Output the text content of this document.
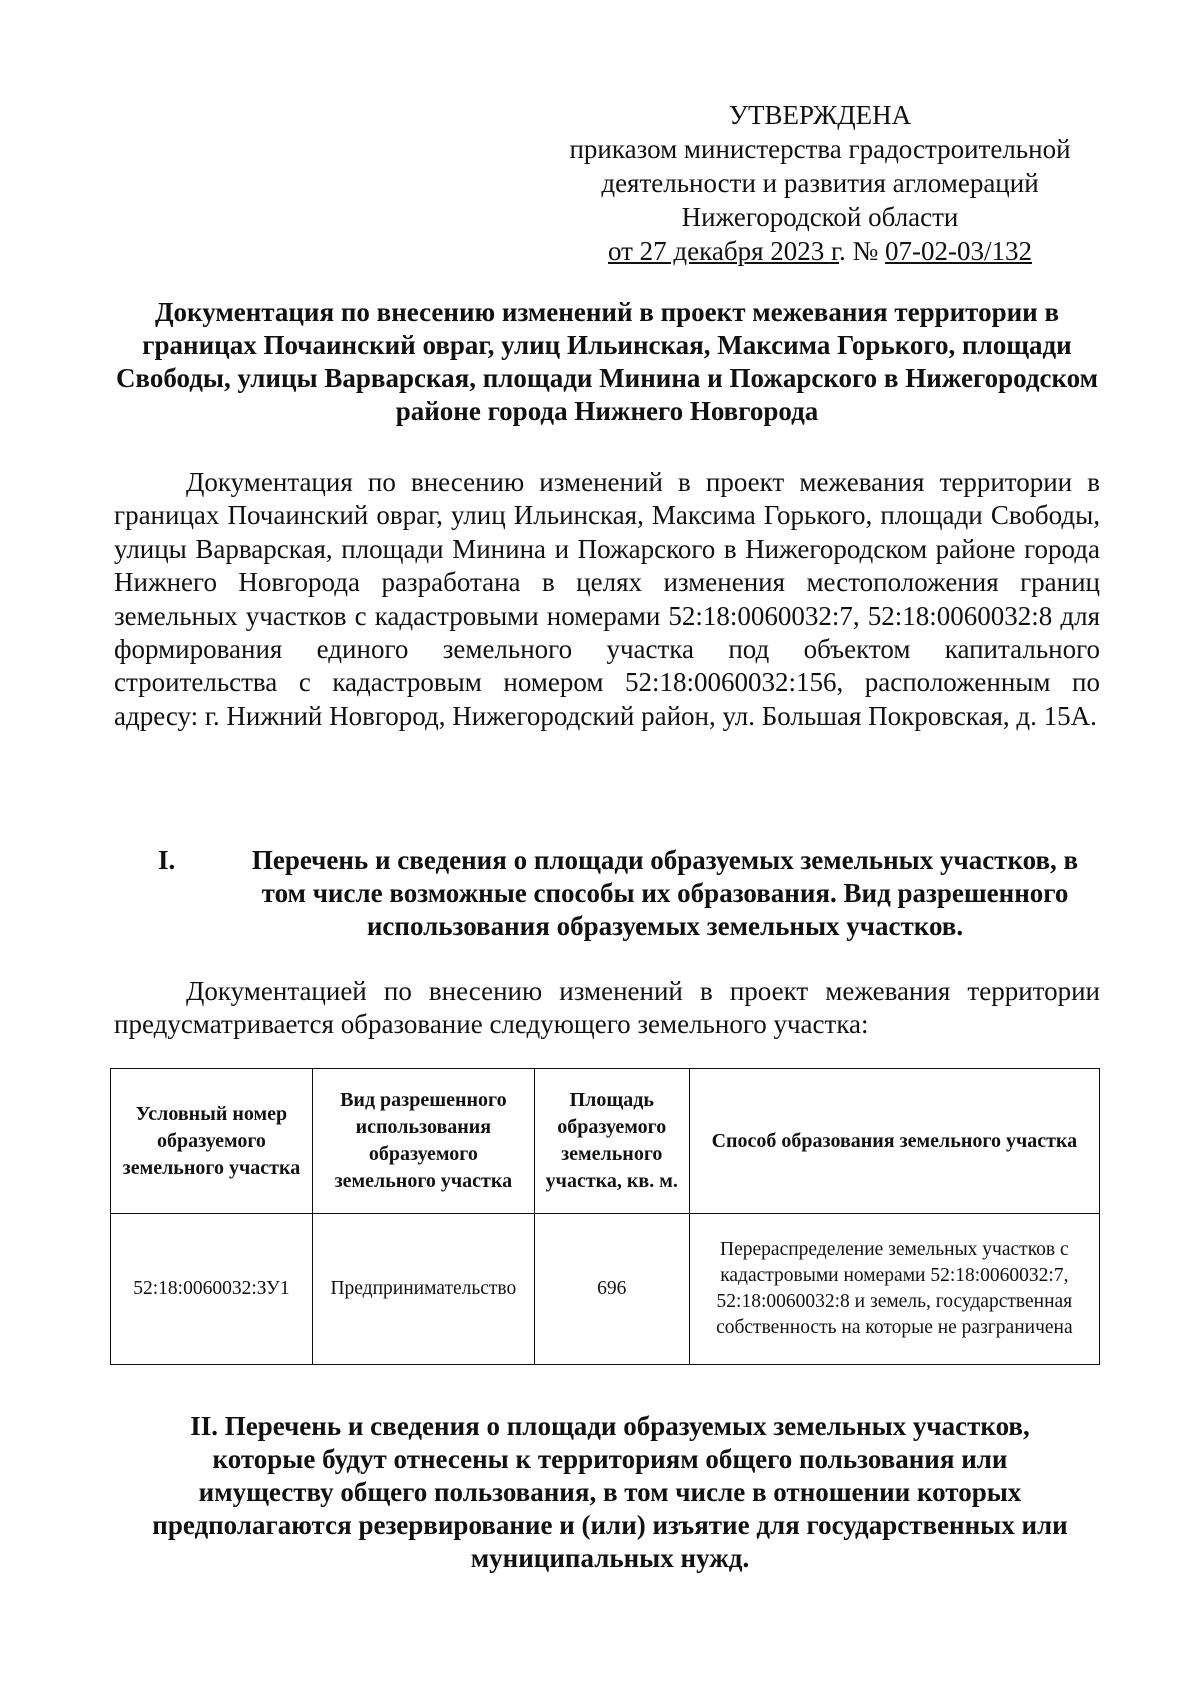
УТВЕРЖДЕНА
приказом министерства градостроительной
деятельности и развития агломераций
Нижегородской области
от 27 декабря 2023 г. № 07-02-03/132
Документация по внесению изменений в проект межевания территории в границах Почаинский овраг, улиц Ильинская, Максима Горького, площади Свободы, улицы Варварская, площади Минина и Пожарского в Нижегородском районе города Нижнего Новгорода

Документация по внесению изменений в проект межевания территории в границах Почаинский овраг, улиц Ильинская, Максима Горького, площади Свободы, улицы Варварская, площади Минина и Пожарского в Нижегородском районе города Нижнего Новгорода разработана в целях изменения местоположения границ земельных участков с кадастровыми номерами 52:18:0060032:7, 52:18:0060032:8 для формирования единого земельного участка под объектом капитального строительства с кадастровым номером 52:18:0060032:156, расположенным по адресу: г. Нижний Новгород, Нижегородский район, ул. Большая Покровская, д. 15А.

I.	Перечень и сведения о площади образуемых земельных участков, в том числе возможные способы их образования. Вид разрешенного использования образуемых земельных участков.

Документацией по внесению изменений в проект межевания территории предусматривается образование следующего земельного участка:

Условный номер образуемого земельного участка	Вид разрешенного использования образуемого земельного участка	Площадь образуемого земельного участка, кв. м.	Способ образования земельного участка
52:18:0060032:ЗУ1	Предпринимательство	696	Перераспределение земельных участков с кадастровыми номерами 52:18:0060032:7, 52:18:0060032:8 и земель, государственная собственность на которые не разграничена
II. Перечень и сведения о площади образуемых земельных участков, которые будут отнесены к территориям общего пользования или имуществу общего пользования, в том числе в отношении которых предполагаются резервирование и (или) изъятие для государственных или муниципальных нужд.
